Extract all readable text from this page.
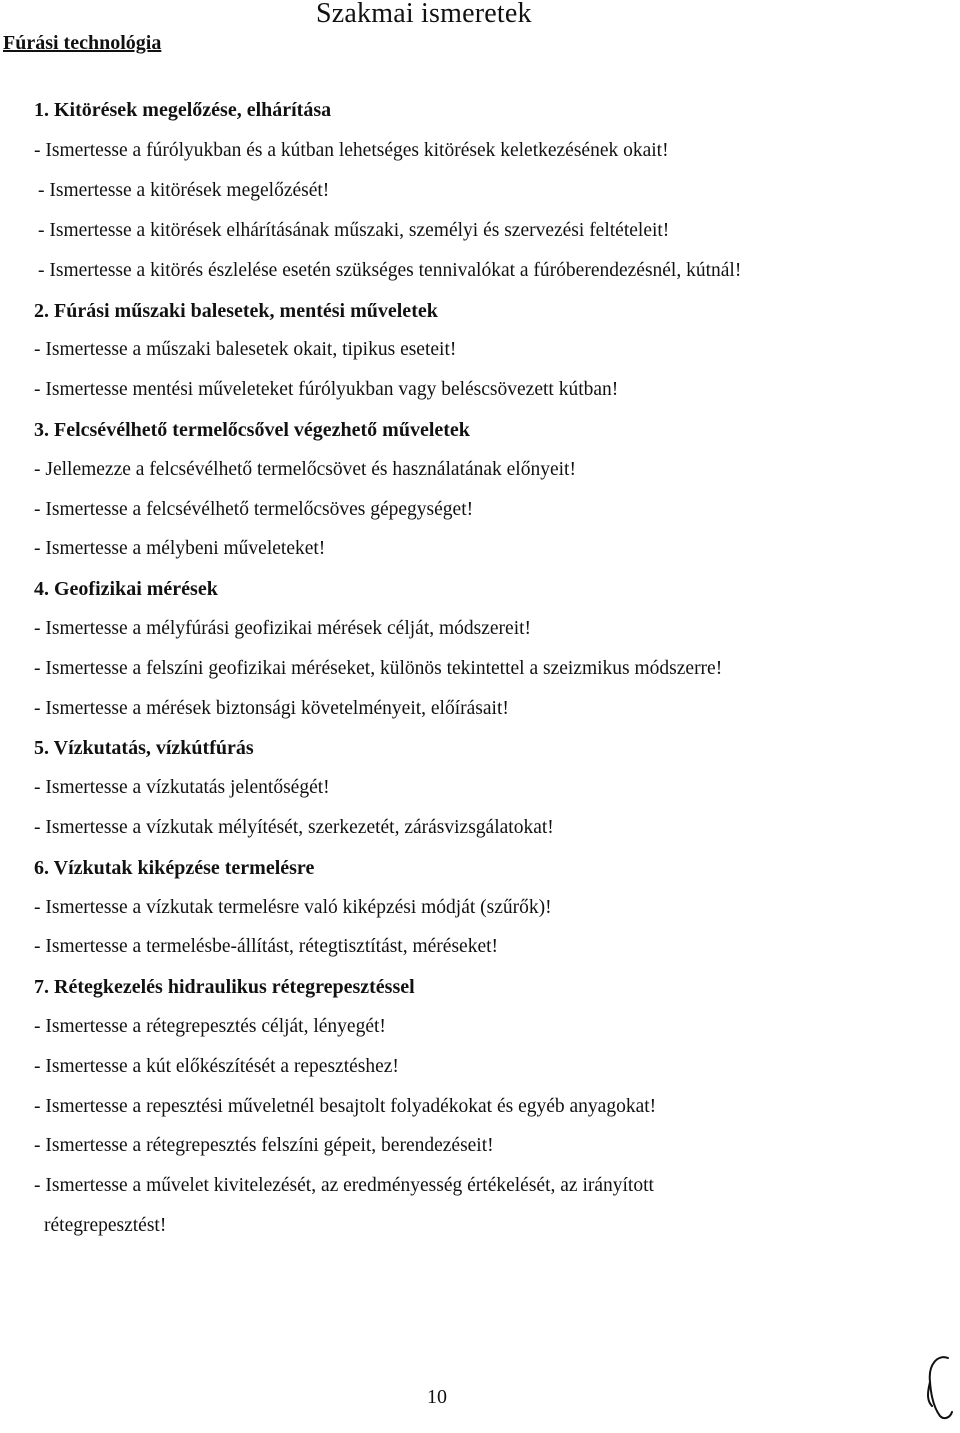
Szakmai ismeretek
Fúrási technológia
1. Kitörések megelőzése, elhárítása
- Ismertesse a fúrólyukban és a kútban lehetséges kitörések keletkezésének okait!
- Ismertesse a kitörések megelőzését!
- Ismertesse a kitörések elhárításának műszaki, személyi és szervezési feltételeit!
- Ismertesse a kitörés észlelése esetén szükséges tennivalókat a fúróberendezésnél, kútnál!
2. Fúrási műszaki balesetek, mentési műveletek
- Ismertesse a műszaki balesetek okait, tipikus eseteit!
- Ismertesse mentési műveleteket fúrólyukban vagy beléscsövezett kútban!
3. Felcsévélhető termelőcsővel végezhető műveletek
- Jellemezze a felcsévélhető termelőcsövet és használatának előnyeit!
- Ismertesse a felcsévélhető termelőcsöves gépegységet!
- Ismertesse a mélybeni műveleteket!
4. Geofizikai mérések
- Ismertesse a mélyfúrási geofizikai mérések célját, módszereit!
- Ismertesse a felszíni geofizikai méréseket, különös tekintettel a szeizmikus módszerre!
- Ismertesse a mérések biztonsági követelményeit, előírásait!
5. Vízkutatás, vízkútfúrás
- Ismertesse a vízkutatás jelentőségét!
- Ismertesse a vízkutak mélyítését, szerkezetét, zárásvizsgálatokat!
6. Vízkutak kiképzése termelésre
- Ismertesse a vízkutak termelésre való kiképzési módját (szűrők)!
- Ismertesse a termelésbe-állítást, rétegtisztítást, méréseket!
7. Rétegkezelés hidraulikus rétegrepesztéssel
- Ismertesse a rétegrepesztés célját, lényegét!
- Ismertesse a kút előkészítését a repesztéshez!
- Ismertesse a repesztési műveletnél besajtolt folyadékokat és egyéb anyagokat!
- Ismertesse a rétegrepesztés felszíni gépeit, berendezéseit!
- Ismertesse a művelet kivitelezését, az eredményesség értékelését, az irányított
rétegrepesztést!
10
